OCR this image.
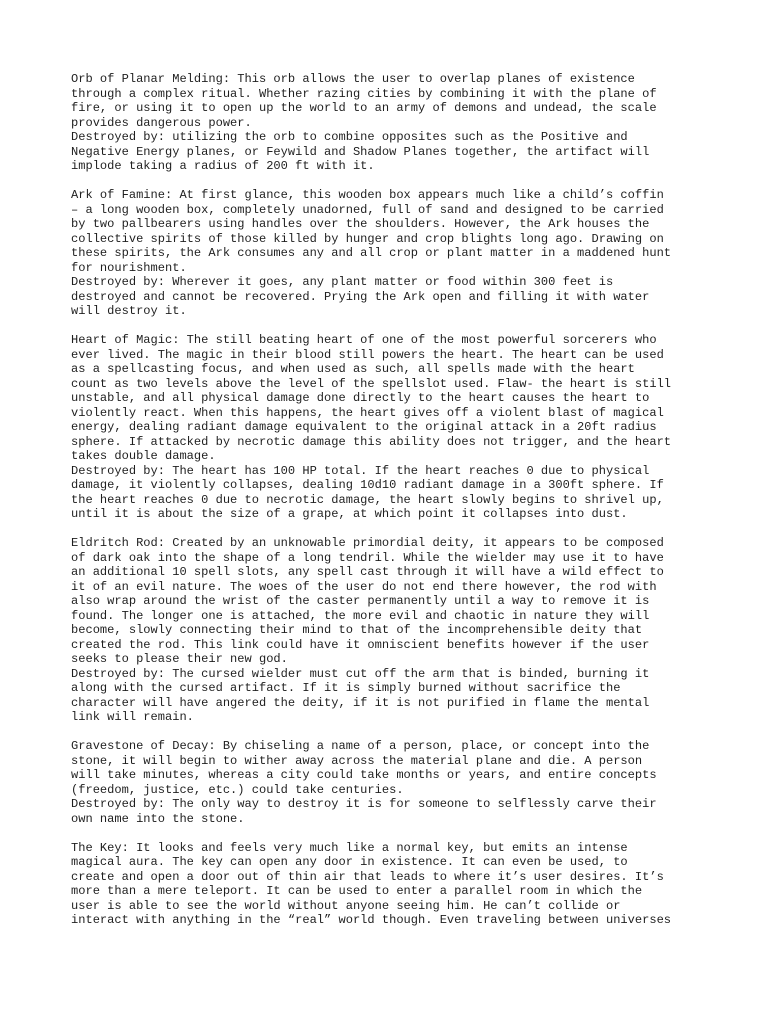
Orb of Planar Melding: This orb allows the user to overlap planes of existence
through a complex ritual. Whether razing cities by combining it with the plane of
fire, or using it to open up the world to an army of demons and undead, the scale
provides dangerous power.
Destroyed by: utilizing the orb to combine opposites such as the Positive and
Negative Energy planes, or Feywild and Shadow Planes together, the artifact will
implode taking a radius of 200 ft with it.
Ark of Famine: At first glance, this wooden box appears much like a child’s coffin
– a long wooden box, completely unadorned, full of sand and designed to be carried
by two pallbearers using handles over the shoulders. However, the Ark houses the
collective spirits of those killed by hunger and crop blights long ago. Drawing on
these spirits, the Ark consumes any and all crop or plant matter in a maddened hunt
for nourishment.
Destroyed by: Wherever it goes, any plant matter or food within 300 feet is
destroyed and cannot be recovered. Prying the Ark open and filling it with water
will destroy it.
Heart of Magic: The still beating heart of one of the most powerful sorcerers who
ever lived. The magic in their blood still powers the heart. The heart can be used
as a spellcasting focus, and when used as such, all spells made with the heart
count as two levels above the level of the spellslot used. Flaw- the heart is still
unstable, and all physical damage done directly to the heart causes the heart to
violently react. When this happens, the heart gives off a violent blast of magical
energy, dealing radiant damage equivalent to the original attack in a 20ft radius
sphere. If attacked by necrotic damage this ability does not trigger, and the heart
takes double damage.
Destroyed by: The heart has 100 HP total. If the heart reaches 0 due to physical
damage, it violently collapses, dealing 10d10 radiant damage in a 300ft sphere. If
the heart reaches 0 due to necrotic damage, the heart slowly begins to shrivel up,
until it is about the size of a grape, at which point it collapses into dust.
Eldritch Rod: Created by an unknowable primordial deity, it appears to be composed
of dark oak into the shape of a long tendril. While the wielder may use it to have
an additional 10 spell slots, any spell cast through it will have a wild effect to
it of an evil nature. The woes of the user do not end there however, the rod with
also wrap around the wrist of the caster permanently until a way to remove it is
found. The longer one is attached, the more evil and chaotic in nature they will
become, slowly connecting their mind to that of the incomprehensible deity that
created the rod. This link could have it omniscient benefits however if the user
seeks to please their new god.
Destroyed by: The cursed wielder must cut off the arm that is binded, burning it
along with the cursed artifact. If it is simply burned without sacrifice the
character will have angered the deity, if it is not purified in flame the mental
link will remain.
Gravestone of Decay: By chiseling a name of a person, place, or concept into the
stone, it will begin to wither away across the material plane and die. A person
will take minutes, whereas a city could take months or years, and entire concepts
(freedom, justice, etc.) could take centuries.
Destroyed by: The only way to destroy it is for someone to selflessly carve their
own name into the stone.
The Key: It looks and feels very much like a normal key, but emits an intense
magical aura. The key can open any door in existence. It can even be used, to
create and open a door out of thin air that leads to where it’s user desires. It’s
more than a mere teleport. It can be used to enter a parallel room in which the
user is able to see the world without anyone seeing him. He can’t collide or
interact with anything in the “real” world though. Even traveling between universes
